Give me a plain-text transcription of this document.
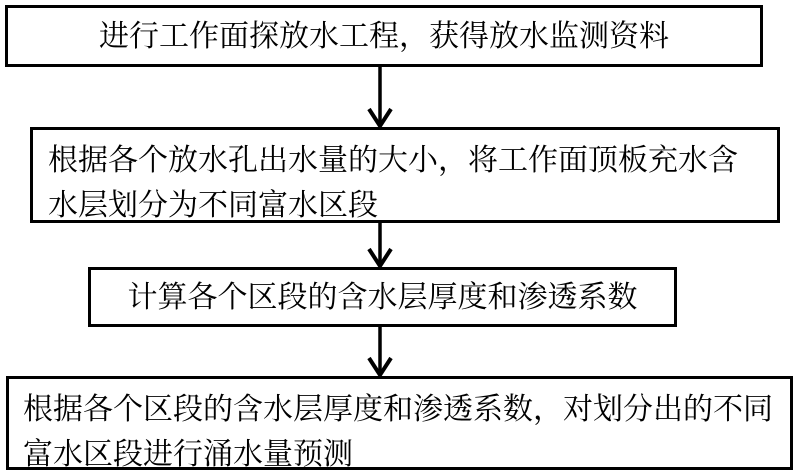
进行工作面探放水工程，获得放水监测资料
根据各个放水孔出水量的大小，将工作面顶板充水含水层划分为不同富水区段
计算各个区段的含水层厚度和渗透系数
根据各个区段的含水层厚度和渗透系数，对划分出的不同富水区段进行涌水量预测
